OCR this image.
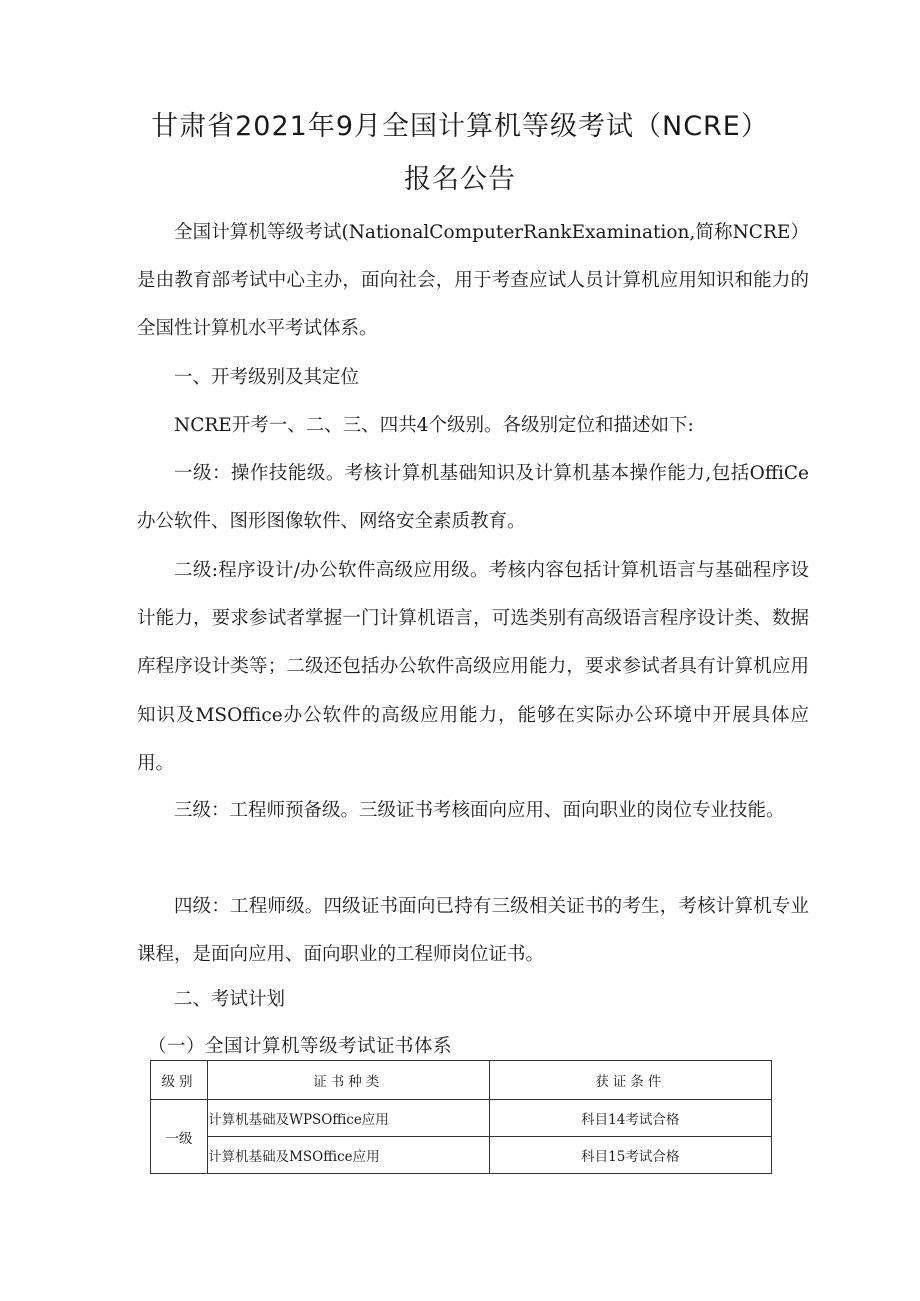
甘肃省2021年9月全国计算机等级考试（NCRE）
报名公告

全国计算机等级考试(NationalComputerRankExamination,简称NCRE）是由教育部考试中心主办，面向社会，用于考查应试人员计算机应用知识和能力的全国性计算机水平考试体系。

一、开考级别及其定位

NCRE开考一、二、三、四共4个级别。各级别定位和描述如下:

一级：操作技能级。考核计算机基础知识及计算机基本操作能力,包括OffiCe办公软件、图形图像软件、网络安全素质教育。

二级:程序设计/办公软件高级应用级。考核内容包括计算机语言与基础程序设计能力，要求参试者掌握一门计算机语言，可选类别有高级语言程序设计类、数据库程序设计类等；二级还包括办公软件高级应用能力，要求参试者具有计算机应用知识及MSOffice办公软件的高级应用能力，能够在实际办公环境中开展具体应用。

三级：工程师预备级。三级证书考核面向应用、面向职业的岗位专业技能。

四级：工程师级。四级证书面向已持有三级相关证书的考生，考核计算机专业课程，是面向应用、面向职业的工程师岗位证书。

二、考试计划

（一）全国计算机等级考试证书体系
级别	证书种类	获证条件
一级	计算机基础及WPSOffice应用	科目14考试合格
	计算机基础及MSOffice应用	科目15考试合格
